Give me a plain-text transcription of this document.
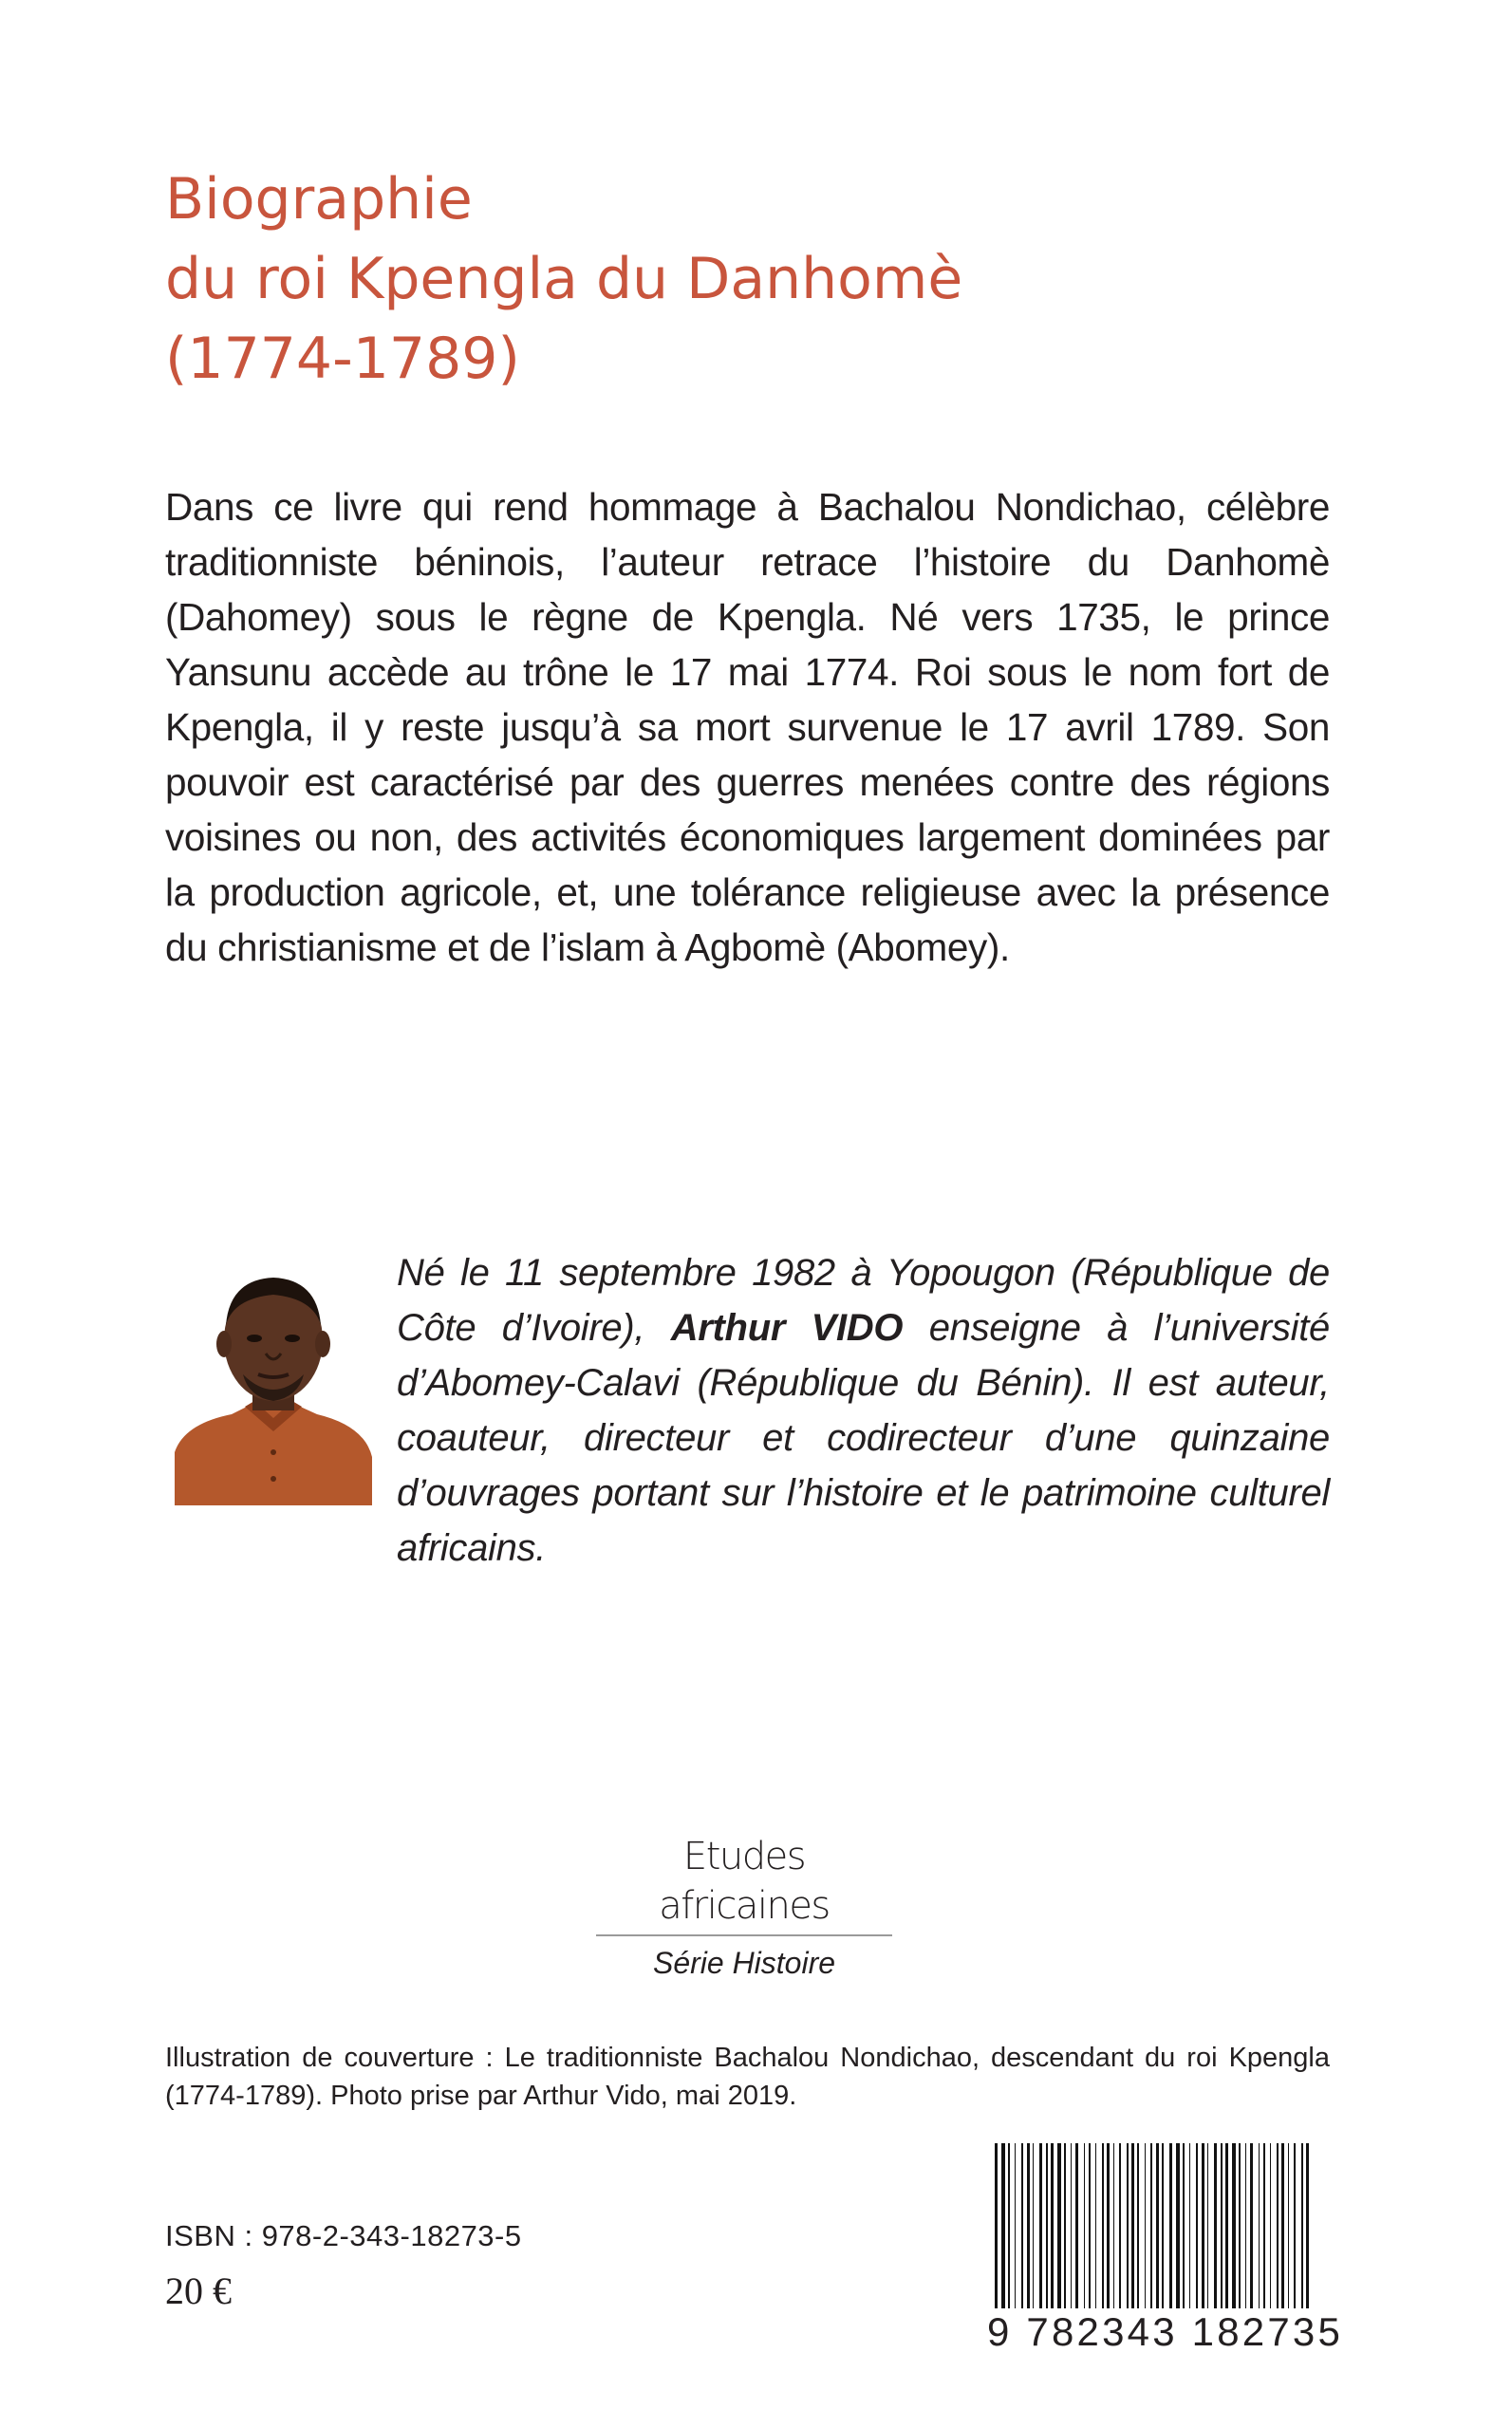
Biographie
du roi Kpengla du Danhomè
(1774-1789)

Dans ce livre qui rend hommage à Bachalou Nondichao, célèbre traditionniste béninois, l’auteur retrace l’histoire du Danhomè (Dahomey) sous le règne de Kpengla. Né vers 1735, le prince Yansunu accède au trône le 17 mai 1774. Roi sous le nom fort de Kpengla, il y reste jusqu’à sa mort survenue le 17 avril 1789. Son pouvoir est caractérisé par des guerres menées contre des régions voisines ou non, des activités économiques largement dominées par la production agricole, et, une tolérance religieuse avec la présence du christianisme et de l’islam à Agbomè (Abomey).

Né le 11 septembre 1982 à Yopougon (République de Côte d’Ivoire), Arthur VIDO enseigne à l’université d’Abomey-Calavi (République du Bénin). Il est auteur, coauteur, directeur et codirecteur d’une quinzaine d’ouvrages portant sur l’histoire et le patrimoine culturel africains.

Etudes africaines
Série Histoire

Illustration de couverture : Le traditionniste Bachalou Nondichao, descendant du roi Kpengla (1774-1789). Photo prise par Arthur Vido, mai 2019.

ISBN : 978-2-343-18273-5
20 €
9 782343 182735
